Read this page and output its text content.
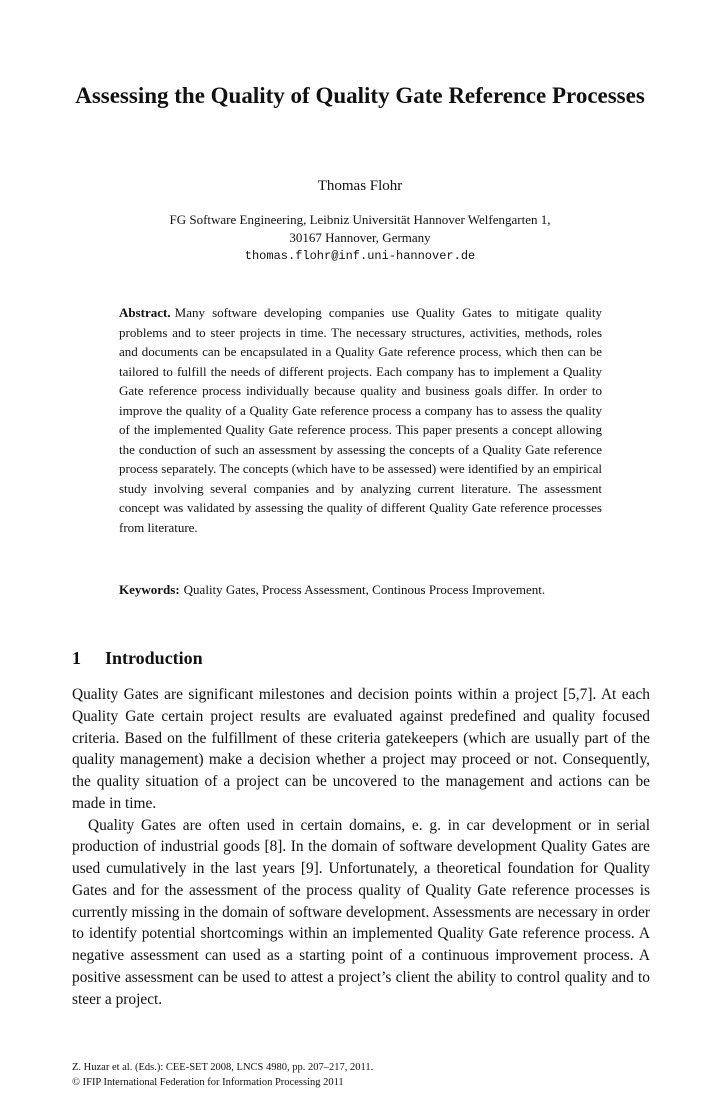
Assessing the Quality of Quality Gate Reference Processes
Thomas Flohr
FG Software Engineering, Leibniz Universität Hannover Welfengarten 1,
30167 Hannover, Germany
thomas.flohr@inf.uni-hannover.de

Abstract. Many software developing companies use Quality Gates to mitigate quality problems and to steer projects in time. The necessary structures, activities, methods, roles and documents can be encapsulated in a Quality Gate reference process, which then can be tailored to fulfill the needs of different projects. Each company has to implement a Quality Gate reference process individually because quality and business goals differ. In order to improve the quality of a Quality Gate reference process a company has to assess the quality of the implemented Quality Gate reference process. This paper presents a concept allowing the conduction of such an assessment by assessing the concepts of a Quality Gate reference process separately. The concepts (which have to be assessed) were identified by an empirical study involving several companies and by analyzing current literature. The assessment concept was validated by assessing the quality of different Quality Gate reference processes from literature.

Keywords: Quality Gates, Process Assessment, Continous Process Improvement.

1 Introduction

Quality Gates are significant milestones and decision points within a project [5,7]. At each Quality Gate certain project results are evaluated against predefined and quality focused criteria. Based on the fulfillment of these criteria gatekeepers (which are usually part of the quality management) make a decision whether a project may proceed or not. Consequently, the quality situation of a project can be uncovered to the management and actions can be made in time.

Quality Gates are often used in certain domains, e. g. in car development or in serial production of industrial goods [8]. In the domain of software development Quality Gates are used cumulatively in the last years [9]. Unfortunately, a theoretical foundation for Quality Gates and for the assessment of the process quality of Quality Gate reference processes is currently missing in the domain of software development. Assessments are necessary in order to identify potential shortcomings within an implemented Quality Gate reference process. A negative assessment can used as a starting point of a continuous improvement process. A positive assessment can be used to attest a project’s client the ability to control quality and to steer a project.

Z. Huzar et al. (Eds.): CEE-SET 2008, LNCS 4980, pp. 207–217, 2011.
© IFIP International Federation for Information Processing 2011
